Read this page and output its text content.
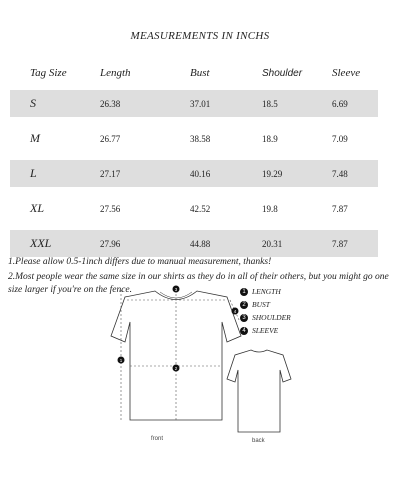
MEASUREMENTS IN INCHS
Tag Size	Length	Bust	Shoulder	Sleeve
S	26.38	37.01	18.5	6.69
M	26.77	38.58	18.9	7.09
L	27.17	40.16	19.29	7.48
XL	27.56	42.52	19.8	7.87
XXL	27.96	44.88	20.31	7.87

1.Please allow 0.5-1inch differs due to manual measurement, thanks!

2.Most people wear the same size in our shirts as they do in all of their others, but you might go one size larger if you're on the fence.

1
2
3
4
1 LENGTH
2 BUST
3 SHOULDER
4 SLEEVE
front	back
